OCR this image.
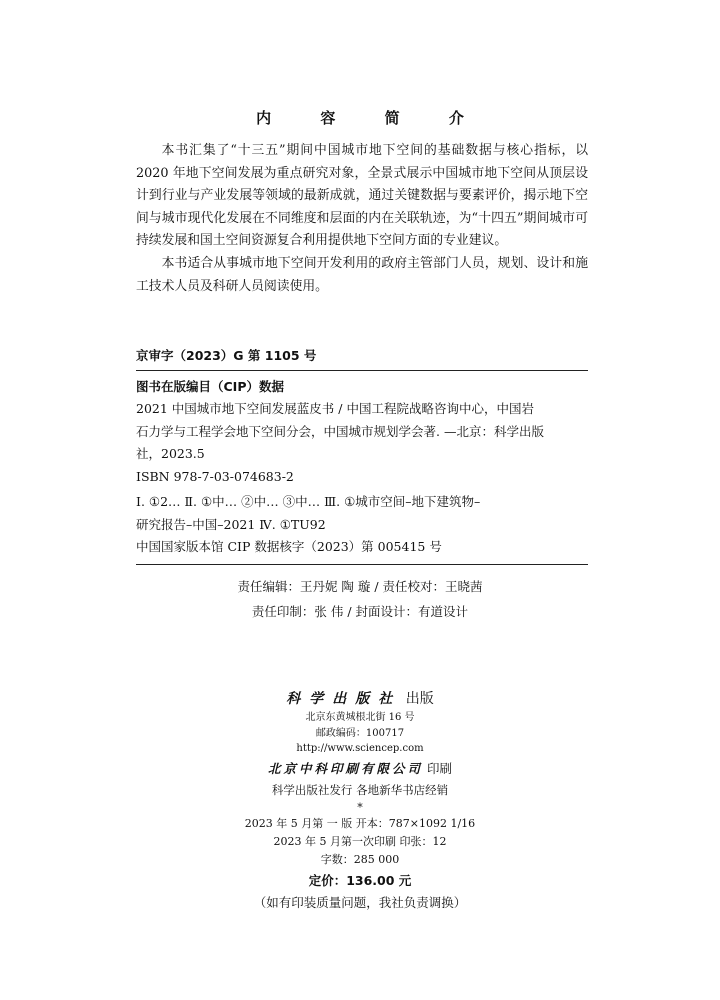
内 容 简 介

本书汇集了“十三五”期间中国城市地下空间的基础数据与核心指标，以 2020 年地下空间发展为重点研究对象，全景式展示中国城市地下空间从顶层设计到行业与产业发展等领域的最新成就，通过关键数据与要素评价，揭示地下空间与城市现代化发展在不同维度和层面的内在关联轨迹，为“十四五”期间城市可持续发展和国土空间资源复合利用提供地下空间方面的专业建议。

本书适合从事城市地下空间开发利用的政府主管部门人员，规划、设计和施工技术人员及科研人员阅读使用。

京审字（2023）G 第 1105 号
图书在版编目（CIP）数据
2021 中国城市地下空间发展蓝皮书 / 中国工程院战略咨询中心，中国岩
石力学与工程学会地下空间分会，中国城市规划学会著. —北京：科学出版
社，2023.5
ISBN 978-7-03-074683-2
Ⅰ. ①2… Ⅱ. ①中… ②中… ③中… Ⅲ. ①城市空间–地下建筑物–
研究报告–中国–2021 Ⅳ. ①TU92
中国国家版本馆 CIP 数据核字（2023）第 005415 号
责任编辑：王丹妮 陶 璇 / 责任校对：王晓茜
责任印制：张 伟 / 封面设计：有道设计
科学出版社 出版
北京东黄城根北街 16 号
邮政编码：100717
http://www.sciencep.com
北京中科印刷有限公司 印刷
科学出版社发行 各地新华书店经销
*
2023 年 5 月第 一 版 开本：787×1092 1/16
2023 年 5 月第一次印刷 印张：12
字数：285 000
定价：136.00 元
（如有印装质量问题，我社负责调换）
